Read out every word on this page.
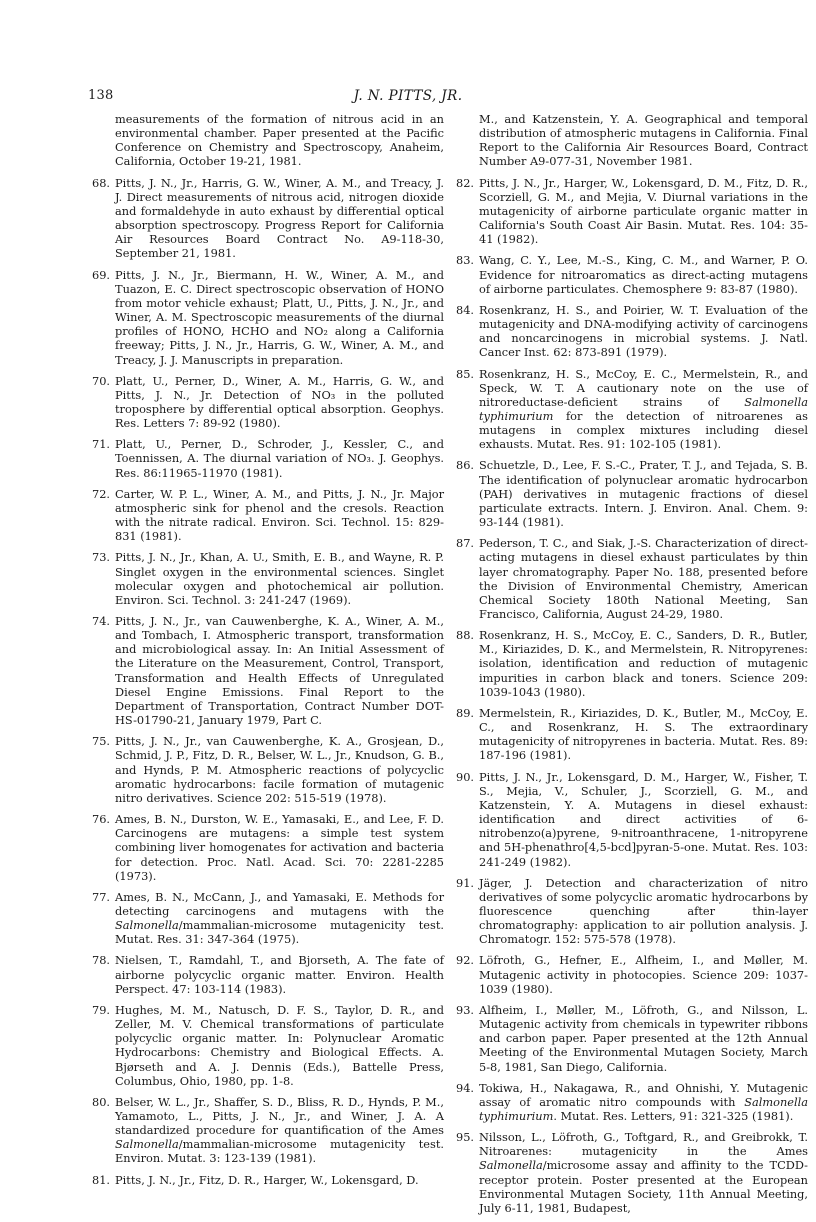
138	J. N. PITTS, JR.

measurements of the formation of nitrous acid in an environmental chamber. Paper presented at the Pacific Conference on Chemistry and Spectroscopy, Anaheim, California, October 19-21, 1981.

68. Pitts, J. N., Jr., Harris, G. W., Winer, A. M., and Treacy, J. J. Direct measurements of nitrous acid, nitrogen dioxide and formaldehyde in auto exhaust by differential optical absorption spectroscopy. Progress Report for California Air Resources Board Contract No. A9-118-30, September 21, 1981.

69. Pitts, J. N., Jr., Biermann, H. W., Winer, A. M., and Tuazon, E. C. Direct spectroscopic observation of HONO from motor vehicle exhaust; Platt, U., Pitts, J. N., Jr., and Winer, A. M. Spectroscopic measurements of the diurnal profiles of HONO, HCHO and NO₂ along a California freeway; Pitts, J. N., Jr., Harris, G. W., Winer, A. M., and Treacy, J. J. Manuscripts in preparation.

70. Platt, U., Perner, D., Winer, A. M., Harris, G. W., and Pitts, J. N., Jr. Detection of NO₃ in the polluted troposphere by differential optical absorption. Geophys. Res. Letters 7: 89-92 (1980).

71. Platt, U., Perner, D., Schroder, J., Kessler, C., and Toennissen, A. The diurnal variation of NO₃. J. Geophys. Res. 86:11965-11970 (1981).

72. Carter, W. P. L., Winer, A. M., and Pitts, J. N., Jr. Major atmospheric sink for phenol and the cresols. Reaction with the nitrate radical. Environ. Sci. Technol. 15: 829-831 (1981).

73. Pitts, J. N., Jr., Khan, A. U., Smith, E. B., and Wayne, R. P. Singlet oxygen in the environmental sciences. Singlet molecular oxygen and photochemical air pollution. Environ. Sci. Technol. 3: 241-247 (1969).

74. Pitts, J. N., Jr., van Cauwenberghe, K. A., Winer, A. M., and Tombach, I. Atmospheric transport, transformation and microbiological assay. In: An Initial Assessment of the Literature on the Measurement, Control, Transport, Transformation and Health Effects of Unregulated Diesel Engine Emissions. Final Report to the Department of Transportation, Contract Number DOT-HS-01790-21, January 1979, Part C.

75. Pitts, J. N., Jr., van Cauwenberghe, K. A., Grosjean, D., Schmid, J. P., Fitz, D. R., Belser, W. L., Jr., Knudson, G. B., and Hynds, P. M. Atmospheric reactions of polycyclic aromatic hydrocarbons: facile formation of mutagenic nitro derivatives. Science 202: 515-519 (1978).

76. Ames, B. N., Durston, W. E., Yamasaki, E., and Lee, F. D. Carcinogens are mutagens: a simple test system combining liver homogenates for activation and bacteria for detection. Proc. Natl. Acad. Sci. 70: 2281-2285 (1973).

77. Ames, B. N., McCann, J., and Yamasaki, E. Methods for detecting carcinogens and mutagens with the Salmonella/mammalian-microsome mutagenicity test. Mutat. Res. 31: 347-364 (1975).

78. Nielsen, T., Ramdahl, T., and Bjorseth, A. The fate of airborne polycyclic organic matter. Environ. Health Perspect. 47: 103-114 (1983).

79. Hughes, M. M., Natusch, D. F. S., Taylor, D. R., and Zeller, M. V. Chemical transformations of particulate polycyclic organic matter. In: Polynuclear Aromatic Hydrocarbons: Chemistry and Biological Effects. A. Bjørseth and A. J. Dennis (Eds.), Battelle Press, Columbus, Ohio, 1980, pp. 1-8.

80. Belser, W. L., Jr., Shaffer, S. D., Bliss, R. D., Hynds, P. M., Yamamoto, L., Pitts, J. N., Jr., and Winer, J. A. A standardized procedure for quantification of the Ames Salmonella/mammalian-microsome mutagenicity test. Environ. Mutat. 3: 123-139 (1981).

81. Pitts, J. N., Jr., Fitz, D. R., Harger, W., Lokensgard, D.

M., and Katzenstein, Y. A. Geographical and temporal distribution of atmospheric mutagens in California. Final Report to the California Air Resources Board, Contract Number A9-077-31, November 1981.

82. Pitts, J. N., Jr., Harger, W., Lokensgard, D. M., Fitz, D. R., Scorziell, G. M., and Mejia, V. Diurnal variations in the mutagenicity of airborne particulate organic matter in California's South Coast Air Basin. Mutat. Res. 104: 35-41 (1982).

83. Wang, C. Y., Lee, M.-S., King, C. M., and Warner, P. O. Evidence for nitroaromatics as direct-acting mutagens of airborne particulates. Chemosphere 9: 83-87 (1980).

84. Rosenkranz, H. S., and Poirier, W. T. Evaluation of the mutagenicity and DNA-modifying activity of carcinogens and noncarcinogens in microbial systems. J. Natl. Cancer Inst. 62: 873-891 (1979).

85. Rosenkranz, H. S., McCoy, E. C., Mermelstein, R., and Speck, W. T. A cautionary note on the use of nitroreductase-deficient strains of Salmonella typhimurium for the detection of nitroarenes as mutagens in complex mixtures including diesel exhausts. Mutat. Res. 91: 102-105 (1981).

86. Schuetzle, D., Lee, F. S.-C., Prater, T. J., and Tejada, S. B. The identification of polynuclear aromatic hydrocarbon (PAH) derivatives in mutagenic fractions of diesel particulate extracts. Intern. J. Environ. Anal. Chem. 9: 93-144 (1981).

87. Pederson, T. C., and Siak, J.-S. Characterization of direct-acting mutagens in diesel exhaust particulates by thin layer chromatography. Paper No. 188, presented before the Division of Environmental Chemistry, American Chemical Society 180th National Meeting, San Francisco, California, August 24-29, 1980.

88. Rosenkranz, H. S., McCoy, E. C., Sanders, D. R., Butler, M., Kiriazides, D. K., and Mermelstein, R. Nitropyrenes: isolation, identification and reduction of mutagenic impurities in carbon black and toners. Science 209: 1039-1043 (1980).

89. Mermelstein, R., Kiriazides, D. K., Butler, M., McCoy, E. C., and Rosenkranz, H. S. The extraordinary mutagenicity of nitropyrenes in bacteria. Mutat. Res. 89: 187-196 (1981).

90. Pitts, J. N., Jr., Lokensgard, D. M., Harger, W., Fisher, T. S., Mejia, V., Schuler, J., Scorziell, G. M., and Katzenstein, Y. A. Mutagens in diesel exhaust: identification and direct activities of 6-nitrobenzo(a)pyrene, 9-nitroanthracene, 1-nitropyrene and 5H-phenathro[4,5-bcd]pyran-5-one. Mutat. Res. 103: 241-249 (1982).

91. Jäger, J. Detection and characterization of nitro derivatives of some polycyclic aromatic hydrocarbons by fluorescence quenching after thin-layer chromatography: application to air pollution analysis. J. Chromatogr. 152: 575-578 (1978).

92. Löfroth, G., Hefner, E., Alfheim, I., and Møller, M. Mutagenic activity in photocopies. Science 209: 1037-1039 (1980).

93. Alfheim, I., Møller, M., Löfroth, G., and Nilsson, L. Mutagenic activity from chemicals in typewriter ribbons and carbon paper. Paper presented at the 12th Annual Meeting of the Environmental Mutagen Society, March 5-8, 1981, San Diego, California.

94. Tokiwa, H., Nakagawa, R., and Ohnishi, Y. Mutagenic assay of aromatic nitro compounds with Salmonella typhimurium. Mutat. Res. Letters, 91: 321-325 (1981).

95. Nilsson, L., Löfroth, G., Toftgard, R., and Greibrokk, T. Nitroarenes: mutagenicity in the Ames Salmonella/microsome assay and affinity to the TCDD-receptor protein. Poster presented at the European Environmental Mutagen Society, 11th Annual Meeting, July 6-11, 1981, Budapest,
